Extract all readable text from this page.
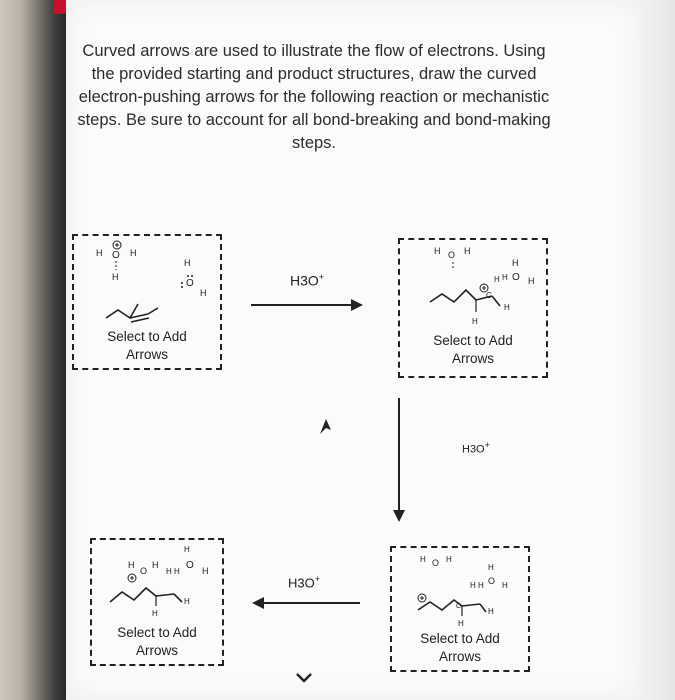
Curved arrows are used to illustrate the flow of electrons. Using the provided starting and product structures, draw the curved electron-pushing arrows for the following reaction or mechanistic steps. Be sure to account for all bond-breaking and bond-making steps.
H O H
H
H
O
H
Select to Add
Arrows
H3O+
H O H
H
H O H
H
C
H
H
Select to Add
Arrows
H3O+
H
O
H
H
H H
O H
H
H
Select to Add
Arrows
H3O+
H O H
H
H H O H
C
H
H
Select to Add
Arrows
